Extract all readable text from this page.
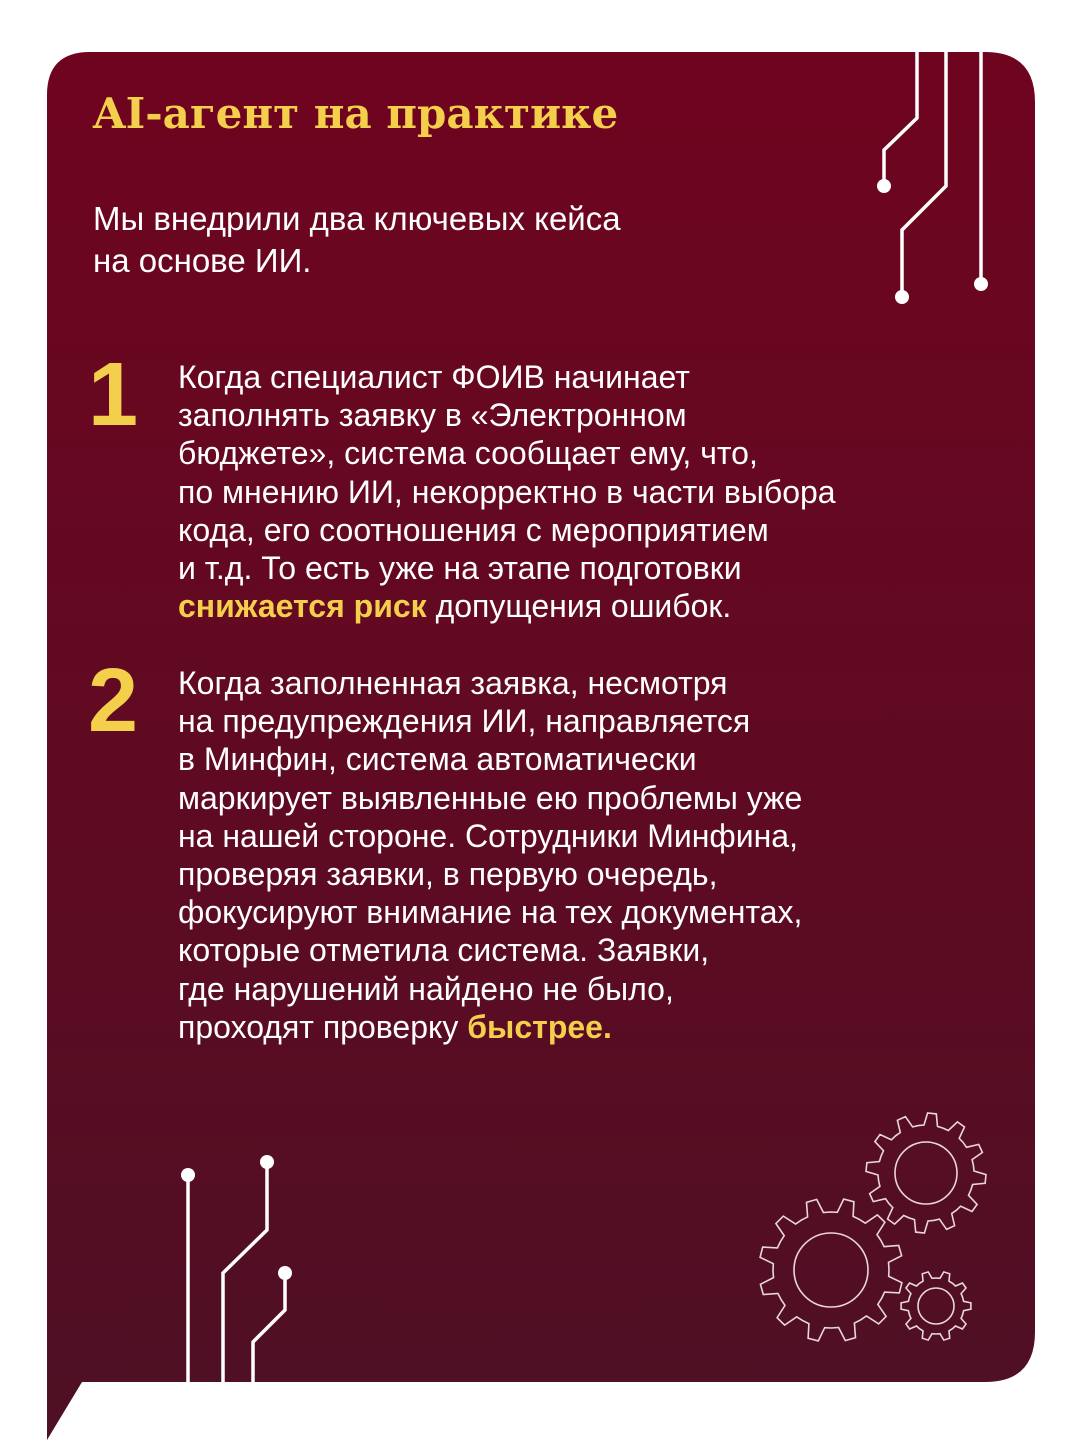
AI-агент на практике
Мы внедрили два ключевых кейса
на основе ИИ.
1 Когда специалист ФОИВ начинает
заполнять заявку в «Электронном
бюджете», система сообщает ему, что,
по мнению ИИ, некорректно в части выбора
кода, его соотношения с мероприятием
и т.д. То есть уже на этапе подготовки
снижается риск допущения ошибок.
2 Когда заполненная заявка, несмотря
на предупреждения ИИ, направляется
в Минфин, система автоматически
маркирует выявленные ею проблемы уже
на нашей стороне. Сотрудники Минфина,
проверяя заявки, в первую очередь,
фокусируют внимание на тех документах,
которые отметила система. Заявки,
где нарушений найдено не было,
проходят проверку быстрее.
